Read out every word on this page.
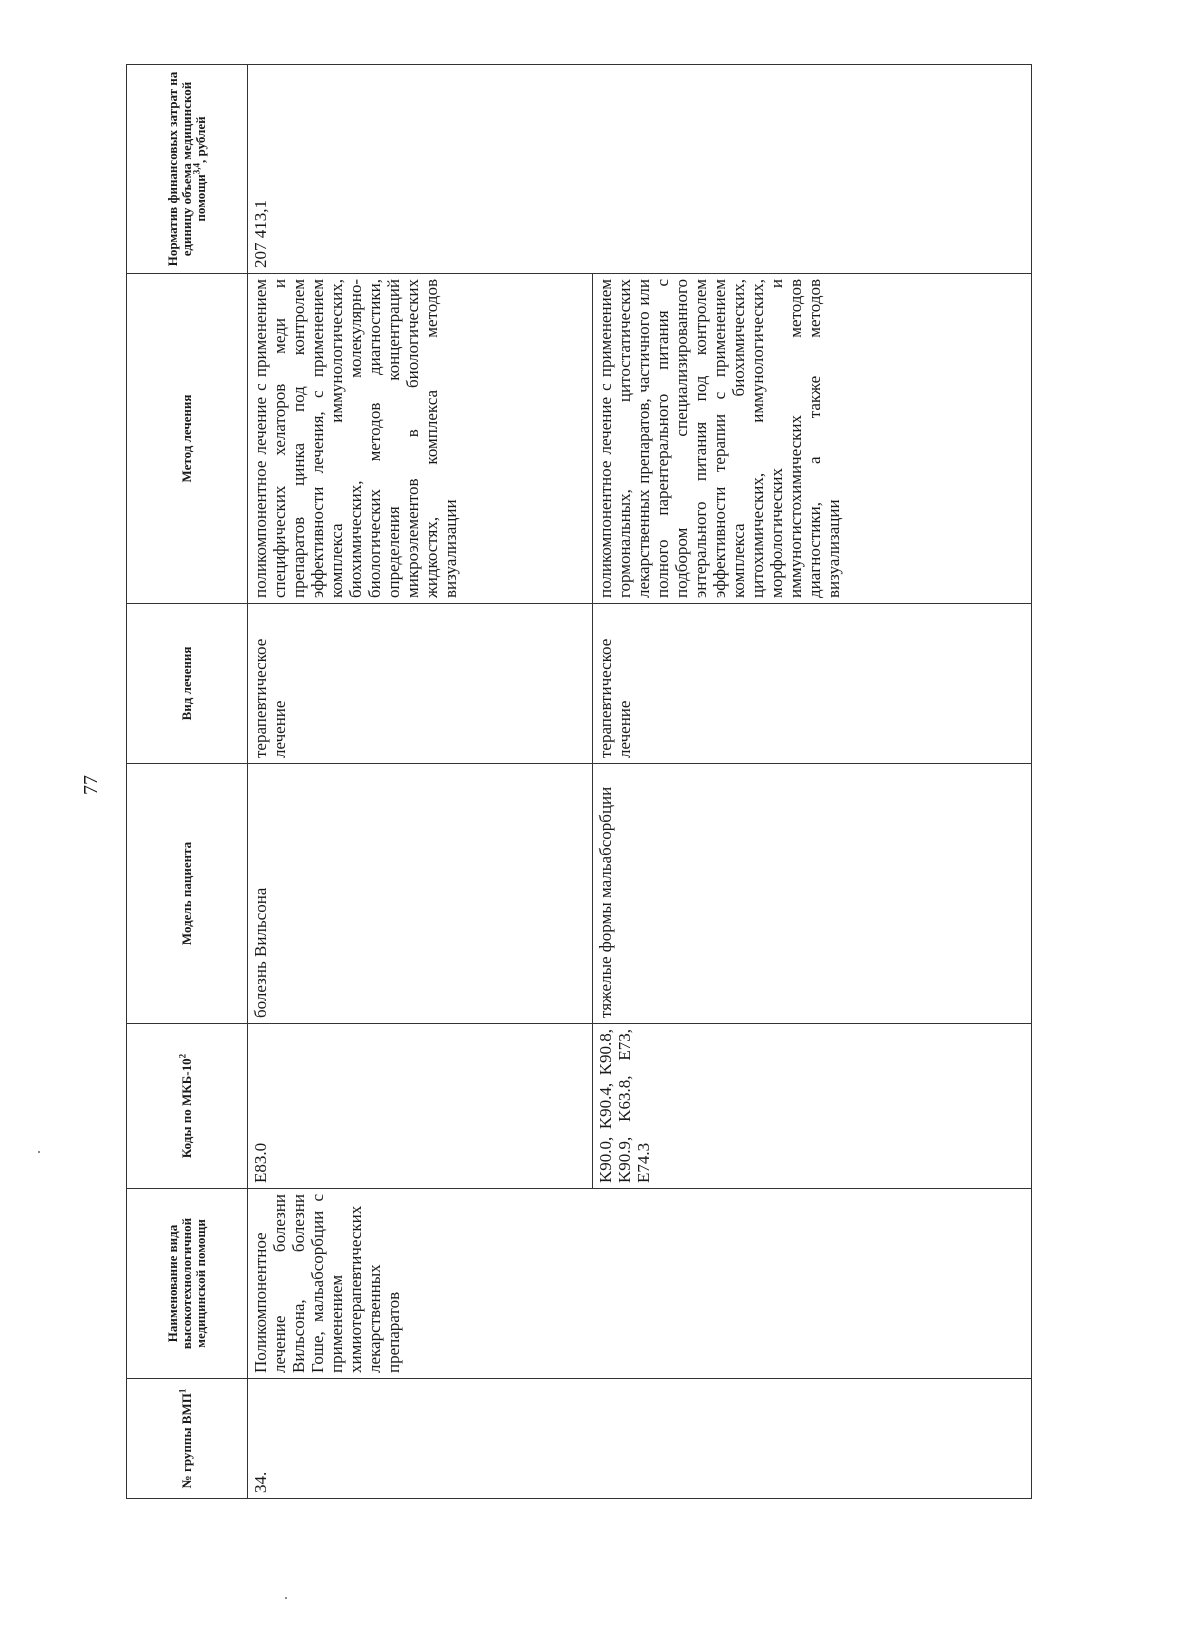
77
№ группы ВМП$^1$	Наименование вида высокотехнологичной медицинской помощи	Коды по МКБ-$10^2$	Модель пациента	Вид лечения	Метод лечения	Норматив финансовых затрат на единицу объема медицинской помощи$^{3,4}$, рублей
34.	Поликомпонентное лечение болезни Вильсона, болезни Гоше, мальабсорбции с применением химиотерапевтических лекарственных препаратов	E83.0	болезнь Вильсона	терапевтическое лечение	поликомпонентное лечение с применением специфических хелаторов меди и препаратов цинка под контролем эффективности лечения, с применением комплекса иммунологических, биохимических, молекулярно-биологических методов диагностики, определения концентраций микроэлементов в биологических жидкостях, комплекса методов визуализации	207 413,1
		K90.0, K90.4, K90.8, K90.9, K63.8, E73, E74.3	тяжелые формы мальабсорбции	терапевтическое лечение	поликомпонентное лечение с применением гормональных, цитостатических лекарственных препаратов, частичного или полного парентерального питания с подбором специализированного энтерального питания под контролем эффективности терапии с применением комплекса биохимических, цитохимических, иммунологических, морфологических и иммуногистохимических методов диагностики, а также методов визуализации	
